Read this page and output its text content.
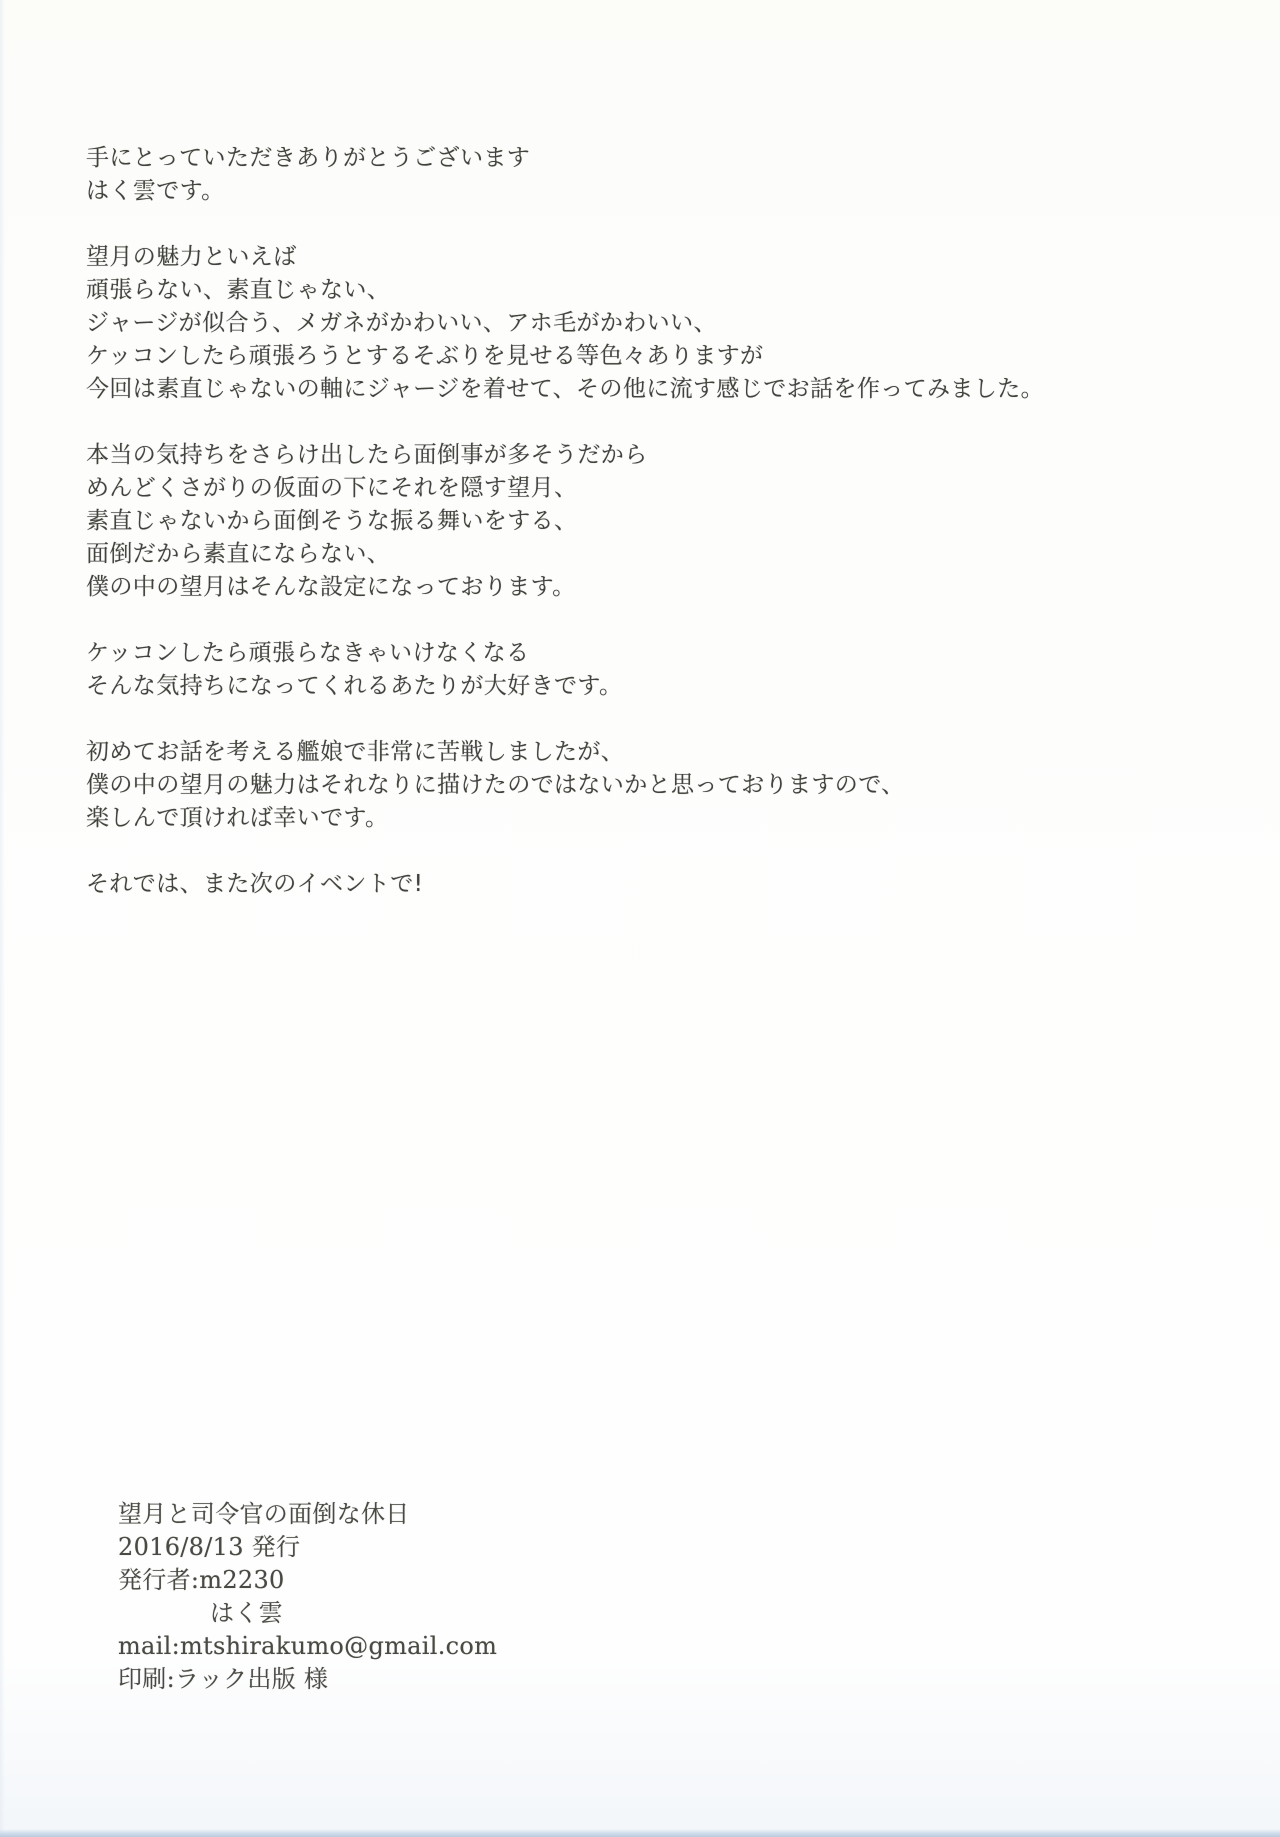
手にとっていただきありがとうございます
はく雲です。
望月の魅力といえば
頑張らない、素直じゃない、
ジャージが似合う、メガネがかわいい、アホ毛がかわいい、
ケッコンしたら頑張ろうとするそぶりを見せる等色々ありますが
今回は素直じゃないの軸にジャージを着せて、その他に流す感じでお話を作ってみました。
本当の気持ちをさらけ出したら面倒事が多そうだから
めんどくさがりの仮面の下にそれを隠す望月、
素直じゃないから面倒そうな振る舞いをする、
面倒だから素直にならない、
僕の中の望月はそんな設定になっております。
ケッコンしたら頑張らなきゃいけなくなる
そんな気持ちになってくれるあたりが大好きです。
初めてお話を考える艦娘で非常に苦戦しましたが、
僕の中の望月の魅力はそれなりに描けたのではないかと思っておりますので、
楽しんで頂ければ幸いです。
それでは、また次のイベントで!
望月と司令官の面倒な休日
2016/8/13 発行
発行者:m2230
はく雲
mail:mtshirakumo@gmail.com
印刷:ラック出版 様
